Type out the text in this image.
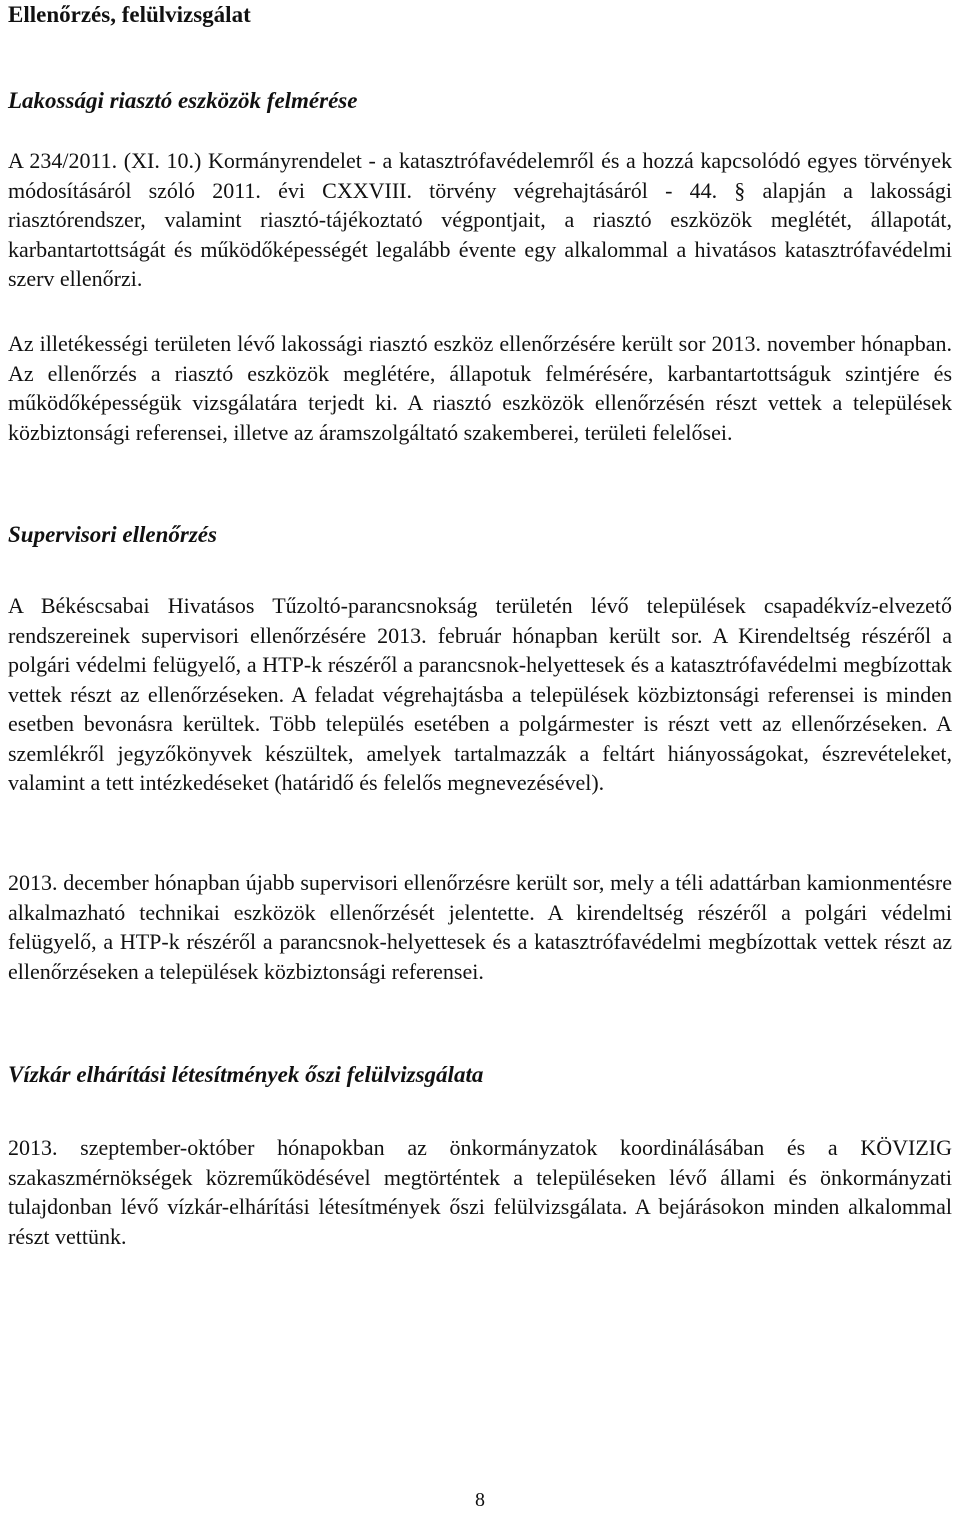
Ellenőrzés, felülvizsgálat
Lakossági riasztó eszközök felmérése

A 234/2011. (XI. 10.) Kormányrendelet - a katasztrófavédelemről és a hozzá kapcsolódó egyes törvények módosításáról szóló 2011. évi CXXVIII. törvény végrehajtásáról - 44. § alapján a lakossági riasztórendszer, valamint riasztó-tájékoztató végpontjait, a riasztó eszközök meglétét, állapotát, karbantartottságát és működőképességét legalább évente egy alkalommal a hivatásos katasztrófavédelmi szerv ellenőrzi.

Az illetékességi területen lévő lakossági riasztó eszköz ellenőrzésére került sor 2013. november hónapban. Az ellenőrzés a riasztó eszközök meglétére, állapotuk felmérésére, karbantartottságuk szintjére és működőképességük vizsgálatára terjedt ki. A riasztó eszközök ellenőrzésén részt vettek a települések közbiztonsági referensei, illetve az áramszolgáltató szakemberei, területi felelősei.

Supervisori ellenőrzés

A Békéscsabai Hivatásos Tűzoltó-parancsnokság területén lévő települések csapadékvíz-elvezető rendszereinek supervisori ellenőrzésére 2013. február hónapban került sor. A Kirendeltség részéről a polgári védelmi felügyelő, a HTP-k részéről a parancsnok-helyettesek és a katasztrófavédelmi megbízottak vettek részt az ellenőrzéseken. A feladat végrehajtásba a települések közbiztonsági referensei is minden esetben bevonásra kerültek. Több település esetében a polgármester is részt vett az ellenőrzéseken. A szemlékről jegyzőkönyvek készültek, amelyek tartalmazzák a feltárt hiányosságokat, észrevételeket, valamint a tett intézkedéseket (határidő és felelős megnevezésével).

2013. december hónapban újabb supervisori ellenőrzésre került sor, mely a téli adattárban kamionmentésre alkalmazható technikai eszközök ellenőrzését jelentette. A kirendeltség részéről a polgári védelmi felügyelő, a HTP-k részéről a parancsnok-helyettesek és a katasztrófavédelmi megbízottak vettek részt az ellenőrzéseken a települések közbiztonsági referensei.

Vízkár elhárítási létesítmények őszi felülvizsgálata

2013. szeptember-október hónapokban az önkormányzatok koordinálásában és a KÖVIZIG szakaszmérnökségek közreműködésével megtörténtek a településeken lévő állami és önkormányzati tulajdonban lévő vízkár-elhárítási létesítmények őszi felülvizsgálata. A bejárásokon minden alkalommal részt vettünk.

8
